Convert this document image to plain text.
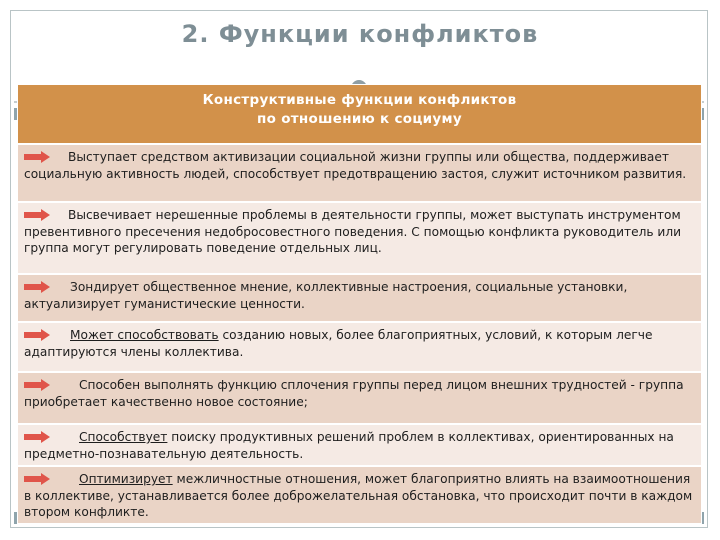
2. Функции конфликтов
Конструктивные функции конфликтов
по отношению к социуму
Выступает средством активизации социальной жизни группы или общества, поддерживает социальную активность людей, способствует предотвращению застоя, служит источником развития.
Высвечивает нерешенные проблемы в деятельности группы, может выступать инструментом превентивного пресечения недобросовестного поведения. С помощью конфликта руководитель или группа могут регулировать поведение отдельных лиц.
Зондирует общественное мнение, коллективные настроения, социальные установки, актуализирует гуманистические ценности.
Может способствовать созданию новых, более благоприятных, условий, к которым легче адаптируются члены коллектива.
Способен выполнять функцию сплочения группы перед лицом внешних трудностей - группа приобретает качественно новое состояние;
Способствует поиску продуктивных решений проблем в коллективах, ориентированных на предметно-познавательную деятельность.
Оптимизирует межличностные отношения, может благоприятно влиять на взаимоотношения в коллективе, устанавливается более доброжелательная обстановка, что происходит почти в каждом втором конфликте.
